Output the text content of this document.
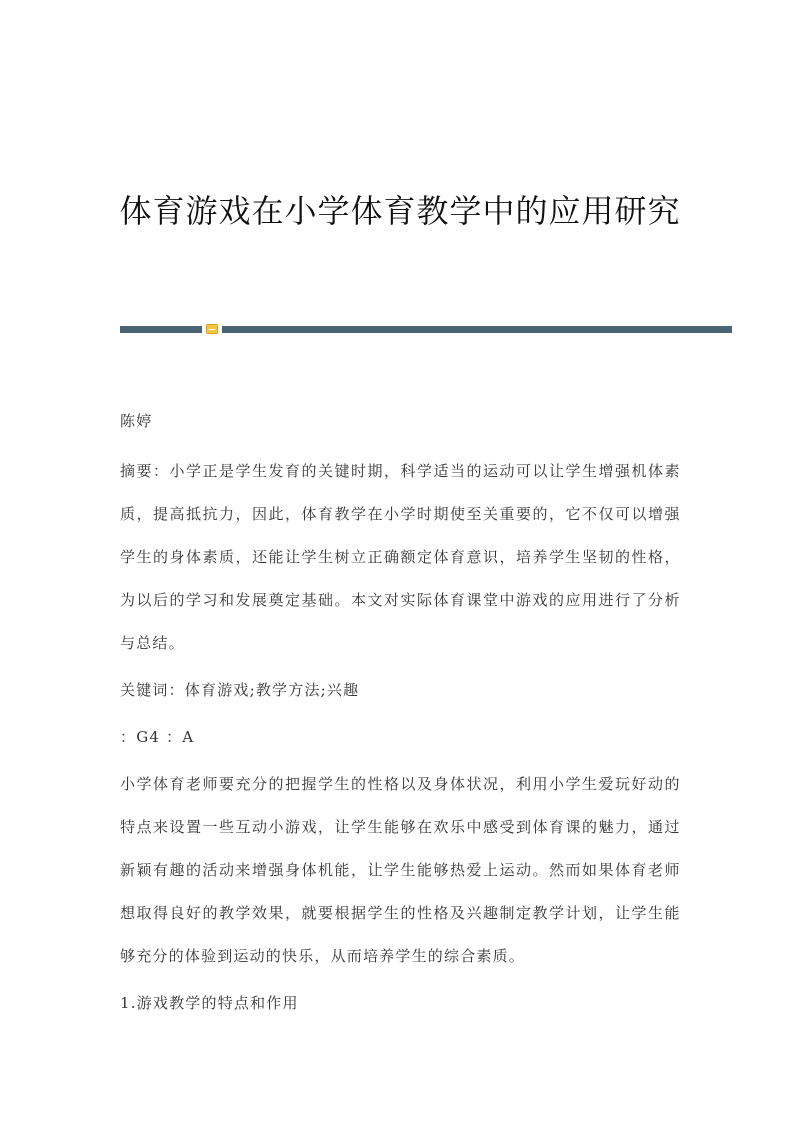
体育游戏在小学体育教学中的应用研究
陈婷
摘要：小学正是学生发育的关键时期，科学适当的运动可以让学生增强机体素
质，提高抵抗力，因此，体育教学在小学时期使至关重要的，它不仅可以增强
学生的身体素质，还能让学生树立正确额定体育意识，培养学生坚韧的性格，
为以后的学习和发展奠定基础。本文对实际体育课堂中游戏的应用进行了分析
与总结。
关键词：体育游戏;教学方法;兴趣
：G4 ：A
小学体育老师要充分的把握学生的性格以及身体状况，利用小学生爱玩好动的
特点来设置一些互动小游戏，让学生能够在欢乐中感受到体育课的魅力，通过
新颖有趣的活动来增强身体机能，让学生能够热爱上运动。然而如果体育老师
想取得良好的教学效果，就要根据学生的性格及兴趣制定教学计划，让学生能
够充分的体验到运动的快乐，从而培养学生的综合素质。
1.游戏教学的特点和作用
